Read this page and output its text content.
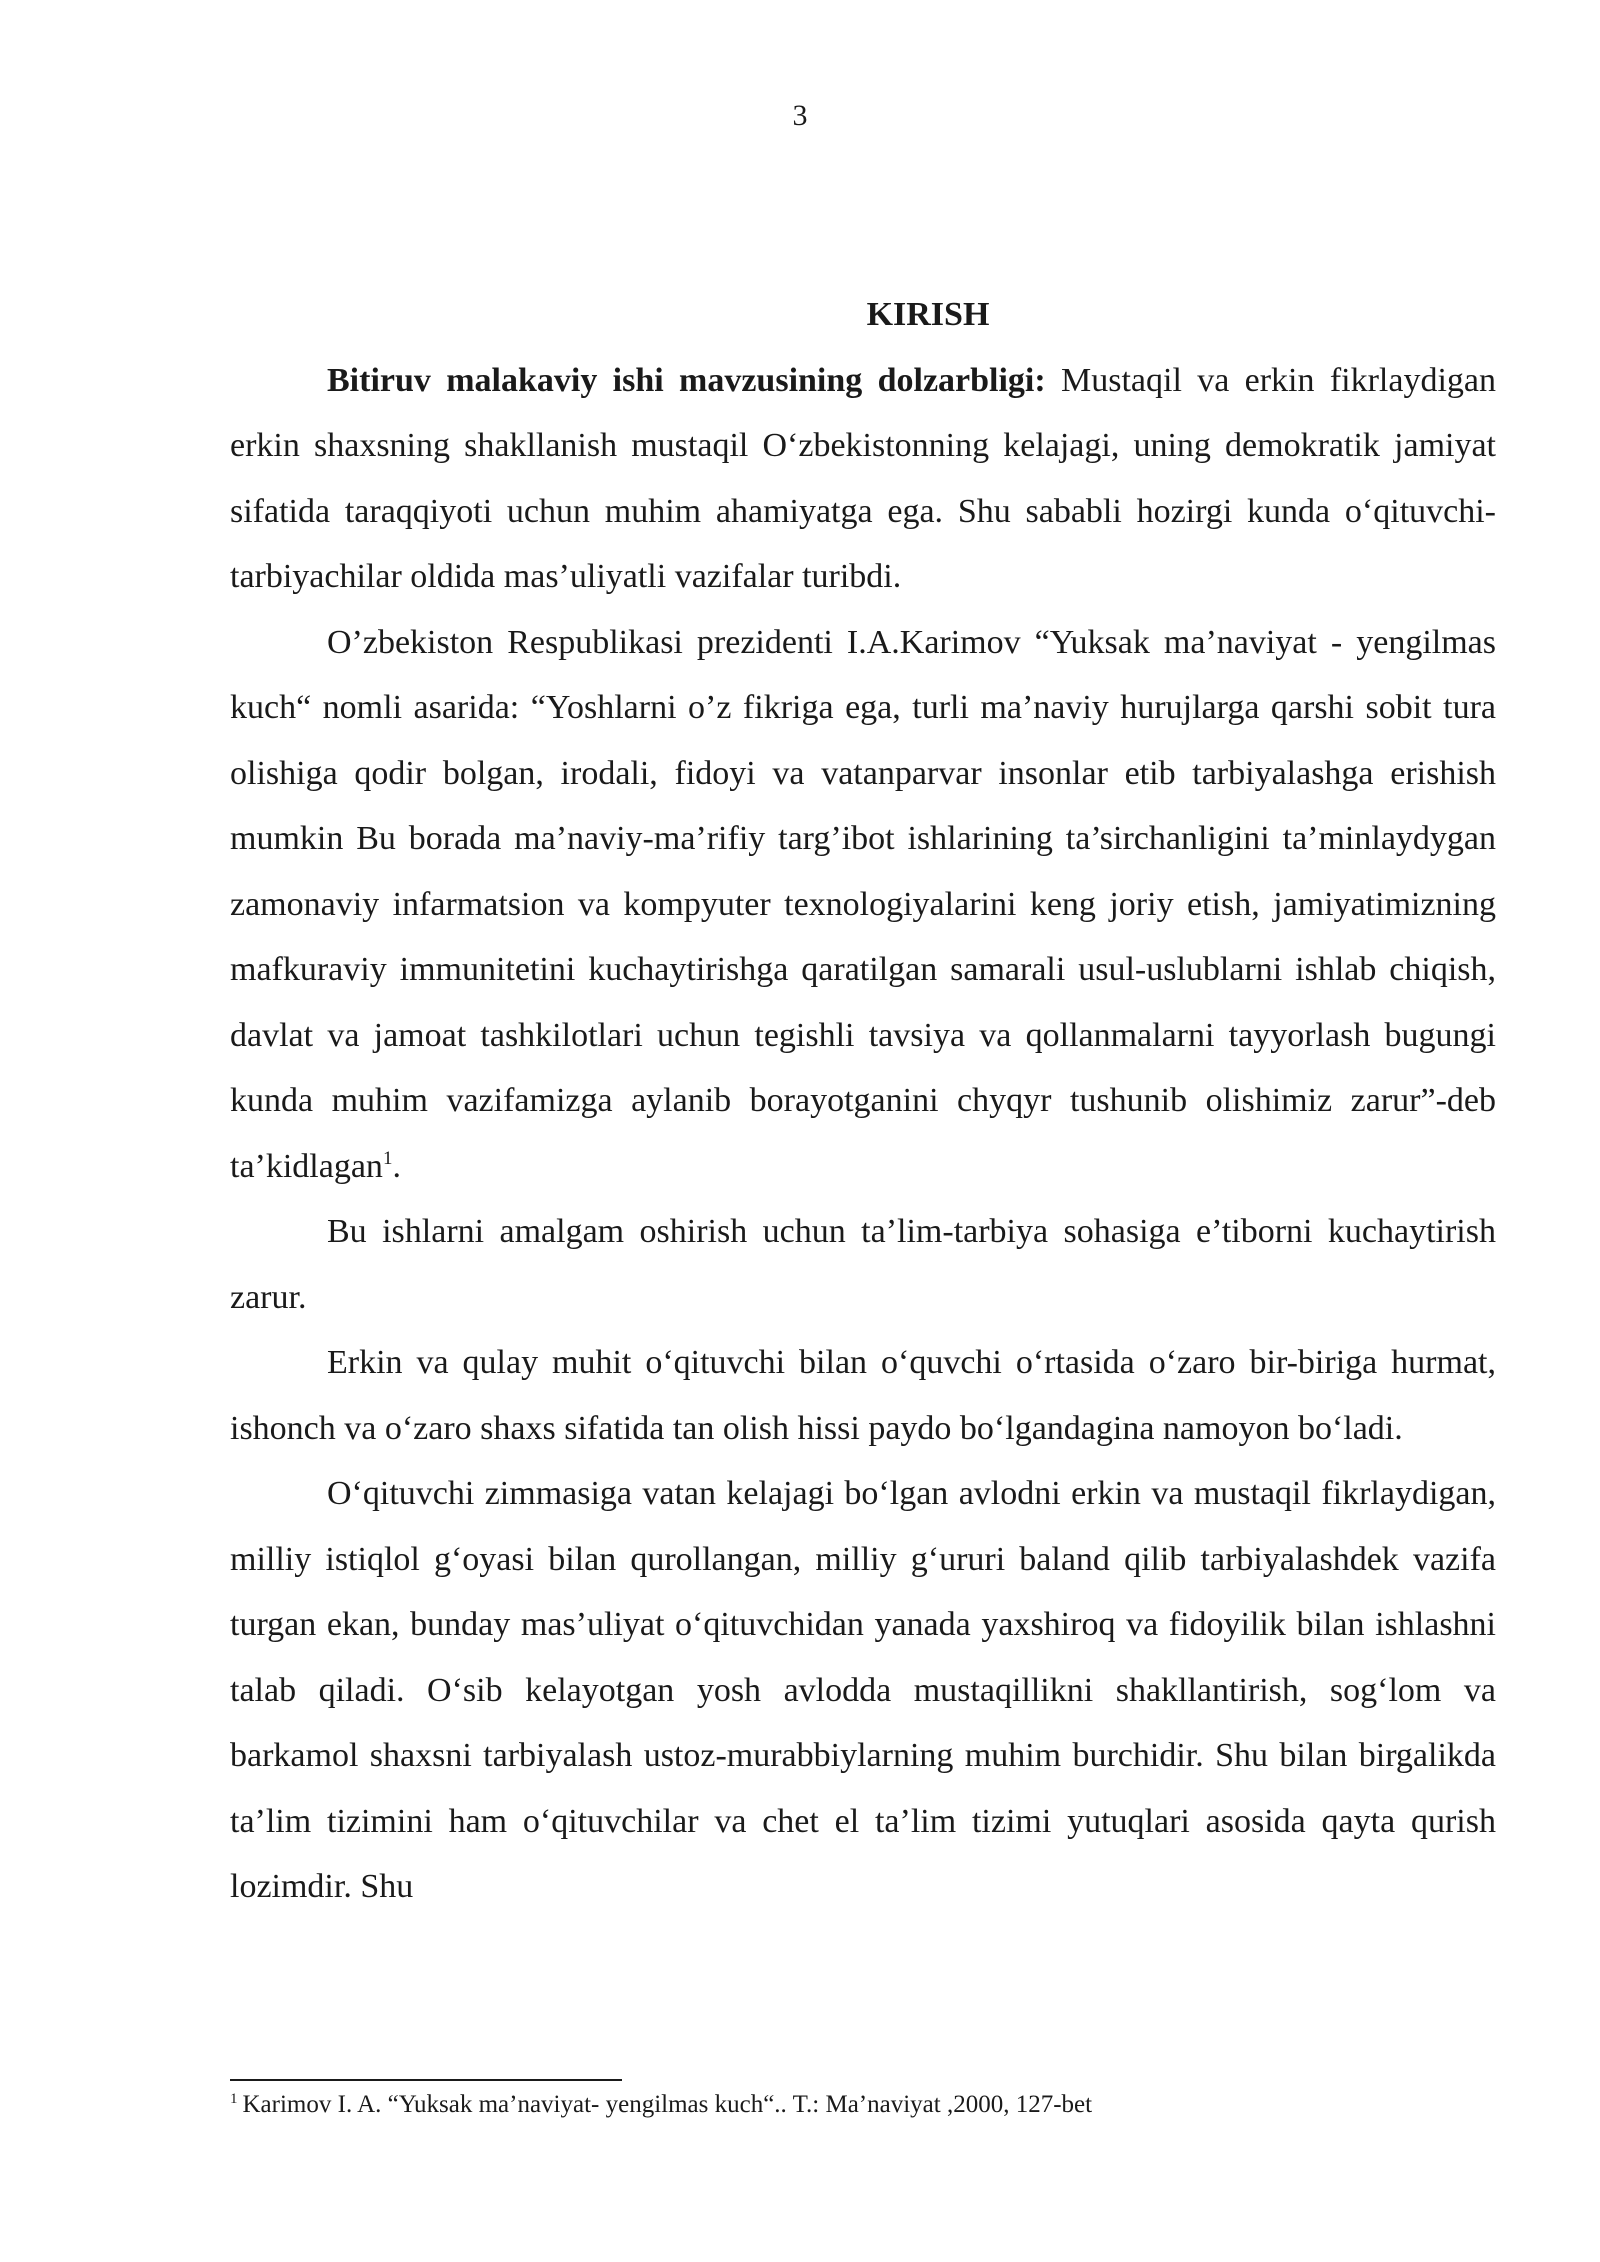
3

KIRISH

Bitiruv malakaviy ishi mavzusining dolzarbligi: Mustaqil va erkin fikrlaydigan erkin shaxsning shakllanish mustaqil O‘zbekistonning kelajagi, uning demokratik jamiyat sifatida taraqqiyoti uchun muhim ahamiyatga ega. Shu sababli hozirgi kunda o‘qituvchi-tarbiyachilar oldida mas’uliyatli vazifalar turibdi.

O’zbekiston Respublikasi prezidenti I.A.Karimov “Yuksak ma’naviyat - yengilmas kuch“ nomli asarida: “Yoshlarni o’z fikriga ega, turli ma’naviy hurujlarga qarshi sobit tura olishiga qodir bolgan, irodali, fidoyi va vatanparvar insonlar etib tarbiyalashga erishish mumkin Bu borada ma’naviy-ma’rifiy targ’ibot ishlarining ta’sirchanligini ta’minlaydygan zamonaviy infarmatsion va kompyuter texnologiyalarini keng joriy etish, jamiyatimizning mafkuraviy immunitetini kuchaytirishga qaratilgan samarali usul-uslublarni ishlab chiqish, davlat va jamoat tashkilotlari uchun tegishli tavsiya va qollanmalarni tayyorlash bugungi kunda muhim vazifamizga aylanib borayotganini chyqyr tushunib olishimiz zarur”-deb ta’kidlagan$^1$.

Bu ishlarni amalgam oshirish uchun ta’lim-tarbiya sohasiga e’tiborni kuchaytirish zarur.

Erkin va qulay muhit o‘qituvchi bilan o‘quvchi o‘rtasida o‘zaro bir-biriga hurmat, ishonch va o‘zaro shaxs sifatida tan olish hissi paydo bo‘lgandagina namoyon bo‘ladi.

O‘qituvchi zimmasiga vatan kelajagi bo‘lgan avlodni erkin va mustaqil fikrlaydigan, milliy istiqlol g‘oyasi bilan qurollangan, milliy g‘ururi baland qilib tarbiyalashdek vazifa turgan ekan, bunday mas’uliyat o‘qituvchidan yanada yaxshiroq va fidoyilik bilan ishlashni talab qiladi. O‘sib kelayotgan yosh avlodda mustaqillikni shakllantirish, sog‘lom va barkamol shaxsni tarbiyalash ustoz-murabbiylarning muhim burchidir. Shu bilan birgalikda ta’lim tizimini ham o‘qituvchilar va chet el ta’lim tizimi yutuqlari asosida qayta qurish lozimdir. Shu

$^1$ Karimov I. A. “Yuksak ma’naviyat- yengilmas kuch“.. T.: Ma’naviyat ,2000, 127-bet
